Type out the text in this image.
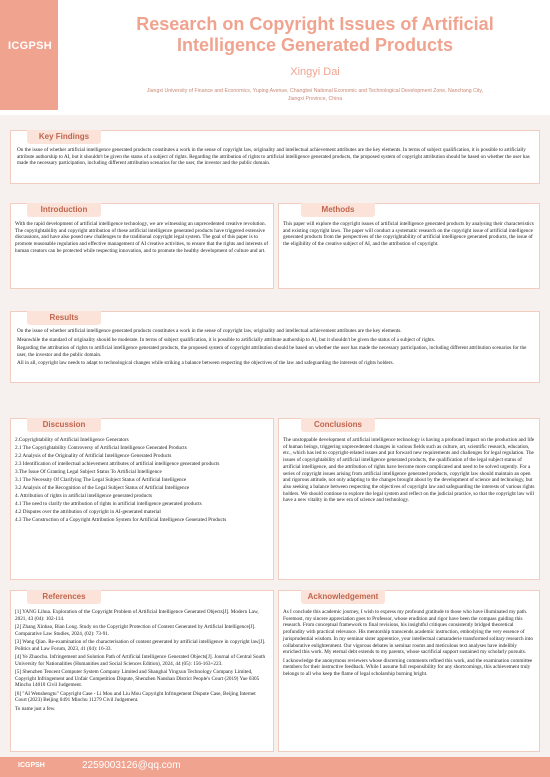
ICGPSH
Research on Copyright Issues of Artificial Intelligence Generated Products
Xingyi Dai
Jiangxi University of Finance and Economics, Yuping Avenue, Changbei National Economic and Technological Development Zone, Nanchang City, Jiangxi Province, China
Key Findings
On the issue of whether artificial intelligence generated products constitutes a work in the sense of copyright law, originality and intellectual achievement attributes are the key elements. In terms of subject qualification, it is possible to artificially attribute authorship to AI, but it shouldn't be given the status of a subject of rights. Regarding the attribution of rights to artificial intelligence generated products, the proposed system of copyright attribution should be based on whether the user has made the necessary participation, including different attribution scenarios for the user, the investor and the public domain.
Introduction
With the rapid development of artificial intelligence technology, we are witnessing an unprecedented creative revolution. The copyrightability and copyright attribution of these artificial intelligence generated products have triggered extensive discussions, and have also posed new challenges to the traditional copyright legal system. The goal of this paper is to promote reasonable regulation and effective management of AI creative activities, to ensure that the rights and interests of human creators can be protected while respecting innovation, and to promote the healthy development of culture and art.
Methods
This paper will explore the copyright issues of artificial intelligence generated products by analysing their characteristics and existing copyright laws. The paper will conduct a systematic research on the copyright issue of artificial intelligence generated products from the perspectives of the copyrightability of artificial intelligence generated products, the issue of the eligibility of the creative subject of AI, and the attribution of copyright.
Results

On the issue of whether artificial intelligence generated products constitutes a work in the sense of copyright law, originality and intellectual achievement attributes are the key elements.

Meanwhile the standard of originality should be moderate. In terms of subject qualification, it is possible to artificially attribute authorship to AI, but it shouldn't be given the status of a subject of rights.

Regarding the attribution of rights to artificial intelligence generated products, the proposed system of copyright attribution should be based on whether the user has made the necessary participation, including different attribution scenarios for the user, the investor and the public domain.

All in all, copyright law needs to adapt to technological changes while striking a balance between respecting the objectives of the law and safeguarding the interests of rights holders.

Discussion
2.Copyrightability of Artificial Intelligence Generators
2.1 The Copyrightability Controversy of Artificial Intelligence Generated Products
2.2 Analysis of the Originality of Artificial Intelligence Generated Products
2.3 Identification of intellectual achievement attributes of artificial intelligence generated products
3.The Issue Of Granting Legal Subject Status To Artificial Intelligence
3.1 The Necessity Of Clarifying The Legal Subject Status of Artificial Intelligence
3.2 Analysis of the Recognition of the Legal Subject Status of Artificial Intelligence
4. Attribution of rights in artificial intelligence generated products
4.1 The need to clarify the attribution of rights in artificial intelligence generated products
4.2 Disputes over the attribution of copyright in AI-generated material
4.3 The Construction of a Copyright Attribution System for Artificial Intelligence Generated Products
Conclusions
The unstoppable development of artificial intelligence technology is having a profound impact on the production and life of human beings, triggering unprecedented changes in various fields such as culture, art, scientific research, education, etc., which has led to copyright-related issues and put forward new requirements and challenges for legal regulation. The issues of copyrightability of artificial intelligence generated products, the qualification of the legal subject status of artificial intelligence, and the attribution of rights have become more complicated and need to be solved urgently. For a series of copyright issues arising from artificial intelligence generated products, copyright law should maintain an open and rigorous attitude, not only adapting to the changes brought about by the development of science and technology, but also seeking a balance between respecting the objectives of copyright law and safeguarding the interests of various rights holders. We should continue to explore the legal system and reflect on the judicial practice, so that the copyright law will have a new vitality in the new era of science and technology.
References
[1] YANG Lihua. Exploration of the Copyright Problem of Artificial Intelligence Generated Objects[J]. Modern Law, 2021, 43 (04): 102-114.
[2] Zhang Xinbao, Bian Long. Study on the Copyright Protection of Content Generated by Artificial Intelligence[J]. Comparative Law Studies, 2024, (02): 73-91.
[3] Wang Qian. Re-examination of the characterisation of content generated by artificial intelligence in copyright law[J]. Politics and Law Forum, 2023, 41 (04): 16-33.
[4] Ye Zhaochu. Infringement and Solution Path of Artificial Intelligence Generated Objects[J]. Journal of Central South University for Nationalities (Humanities and Social Sciences Edition), 2024, 44 (05): 156-163+223.
[5] Shenzhen Tencent Computer System Company Limited and Shanghai Yingxun Technology Company Limited, Copyright Infringement and Unfair Competition Dispute, Shenzhen Nanshan District People's Court (2019) Yue 0305 Minchu 14010 Civil Judgement.
[6] "AI Wenshengtu" Copyright Case - Li Mou and Liu Mou Copyright Infringement Dispute Case, Beijing Internet Court (2023) Beijing 0491 Minchu 11279 Civil Judgement.
To name just a few.
Acknowledgement

As I conclude this academic journey, I wish to express my profound gratitude to those who have illuminated my path. Foremost, my sincere appreciation goes to Professor, whose erudition and rigor have been the compass guiding this research. From conceptual framework to final revisions, his insightful critiques consistently bridged theoretical profundity with practical relevance. His mentorship transcends academic instruction, embodying the very essence of jurisprudential wisdom. In my seminar sister apprentice, your intellectual camaraderie transformed solitary research into collaborative enlightenment. Our vigorous debates in seminar rooms and meticulous text analyses have indelibly enriched this work. My eternal debt extends to my parents, whose sacrificial support sustained my scholarly pursuits.

I acknowledge the anonymous reviewers whose discerning comments refined this work, and the examination committee members for their instructive feedback. While I assume full responsibility for any shortcomings, this achievement truly belongs to all who keep the flame of legal scholarship burning bright.

ICGPSH	2259003126@qq.com
